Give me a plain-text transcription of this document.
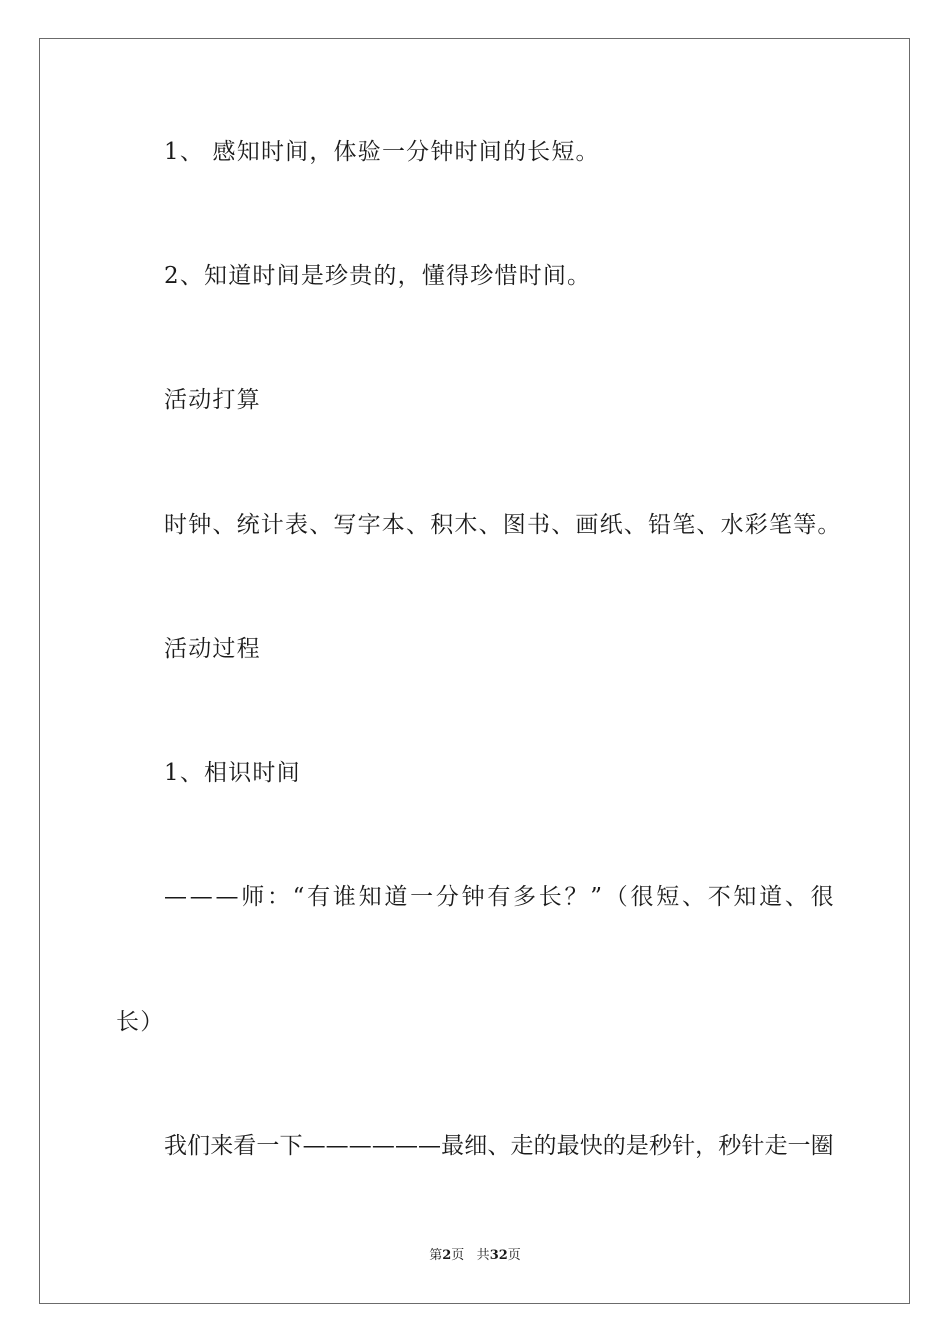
1、 感知时间，体验一分钟时间的长短。
2、知道时间是珍贵的，懂得珍惜时间。
活动打算
时钟、统计表、写字本、积木、图书、画纸、铅笔、水彩笔等。
活动过程
1、相识时间
— — — 师 ： “ 有 谁 知 道 一 分 钟 有 多 长 ？ ” （ 很 短 、 不 知 道 、 很
长）
我 们 来 看 一 下 — — — — — — 最 细 、 走 的 最 快 的 是 秒 针 ， 秒 针 走 一 圈
第2页 共32页
